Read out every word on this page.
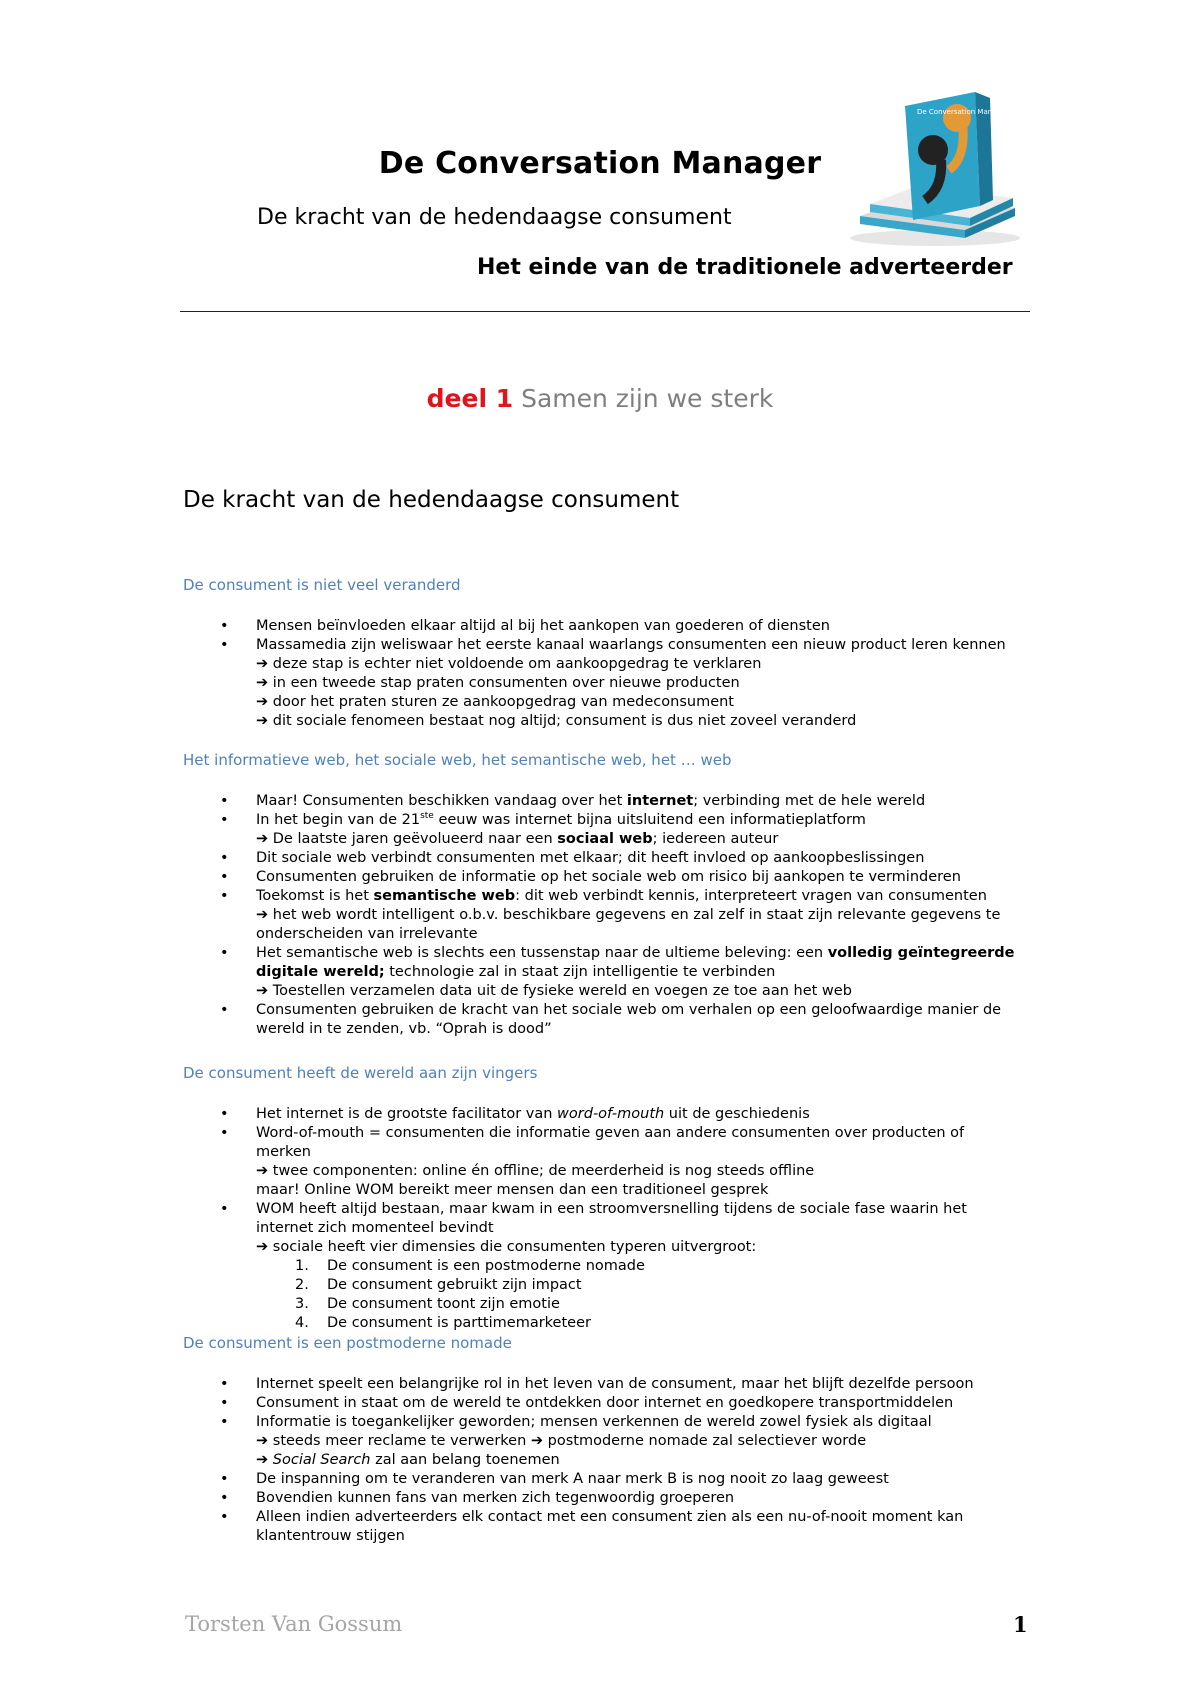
De Conversation Manager
De kracht van de hedendaagse consument
Het einde van de traditionele adverteerder
De Conversation Manager
deel 1 Samen zijn we sterk
De kracht van de hedendaagse consument
De consument is niet veel veranderd
• Mensen beïnvloeden elkaar altijd al bij het aankopen van goederen of diensten
• Massamedia zijn weliswaar het eerste kanaal waarlangs consumenten een nieuw product leren kennen
➔ deze stap is echter niet voldoende om aankoopgedrag te verklaren
➔ in een tweede stap praten consumenten over nieuwe producten
➔ door het praten sturen ze aankoopgedrag van medeconsument
➔ dit sociale fenomeen bestaat nog altijd; consument is dus niet zoveel veranderd
Het informatieve web, het sociale web, het semantische web, het … web
• Maar! Consumenten beschikken vandaag over het internet; verbinding met de hele wereld
• In het begin van de 21ste eeuw was internet bijna uitsluitend een informatieplatform
➔ De laatste jaren geëvolueerd naar een sociaal web; iedereen auteur
• Dit sociale web verbindt consumenten met elkaar; dit heeft invloed op aankoopbeslissingen
• Consumenten gebruiken de informatie op het sociale web om risico bij aankopen te verminderen
• Toekomst is het semantische web: dit web verbindt kennis, interpreteert vragen van consumenten
➔ het web wordt intelligent o.b.v. beschikbare gegevens en zal zelf in staat zijn relevante gegevens te onderscheiden van irrelevante
• Het semantische web is slechts een tussenstap naar de ultieme beleving: een volledig geïntegreerde digitale wereld; technologie zal in staat zijn intelligentie te verbinden
➔ Toestellen verzamelen data uit de fysieke wereld en voegen ze toe aan het web
• Consumenten gebruiken de kracht van het sociale web om verhalen op een geloofwaardige manier de wereld in te zenden, vb. “Oprah is dood”
De consument heeft de wereld aan zijn vingers
• Het internet is de grootste facilitator van word-of-mouth uit de geschiedenis
• Word-of-mouth = consumenten die informatie geven aan andere consumenten over producten of merken
➔ twee componenten: online én offline; de meerderheid is nog steeds offline
maar! Online WOM bereikt meer mensen dan een traditioneel gesprek
• WOM heeft altijd bestaan, maar kwam in een stroomversnelling tijdens de sociale fase waarin het internet zich momenteel bevindt
➔ sociale heeft vier dimensies die consumenten typeren uitvergroot:
1. De consument is een postmoderne nomade
2. De consument gebruikt zijn impact
3. De consument toont zijn emotie
4. De consument is parttimemarketeer
De consument is een postmoderne nomade
• Internet speelt een belangrijke rol in het leven van de consument, maar het blijft dezelfde persoon
• Consument in staat om de wereld te ontdekken door internet en goedkopere transportmiddelen
• Informatie is toegankelijker geworden; mensen verkennen de wereld zowel fysiek als digitaal
➔ steeds meer reclame te verwerken ➔ postmoderne nomade zal selectiever worde
➔ Social Search zal aan belang toenemen
• De inspanning om te veranderen van merk A naar merk B is nog nooit zo laag geweest
• Bovendien kunnen fans van merken zich tegenwoordig groeperen
• Alleen indien adverteerders elk contact met een consument zien als een nu-of-nooit moment kan klantentrouw stijgen
Torsten Van Gossum	1
